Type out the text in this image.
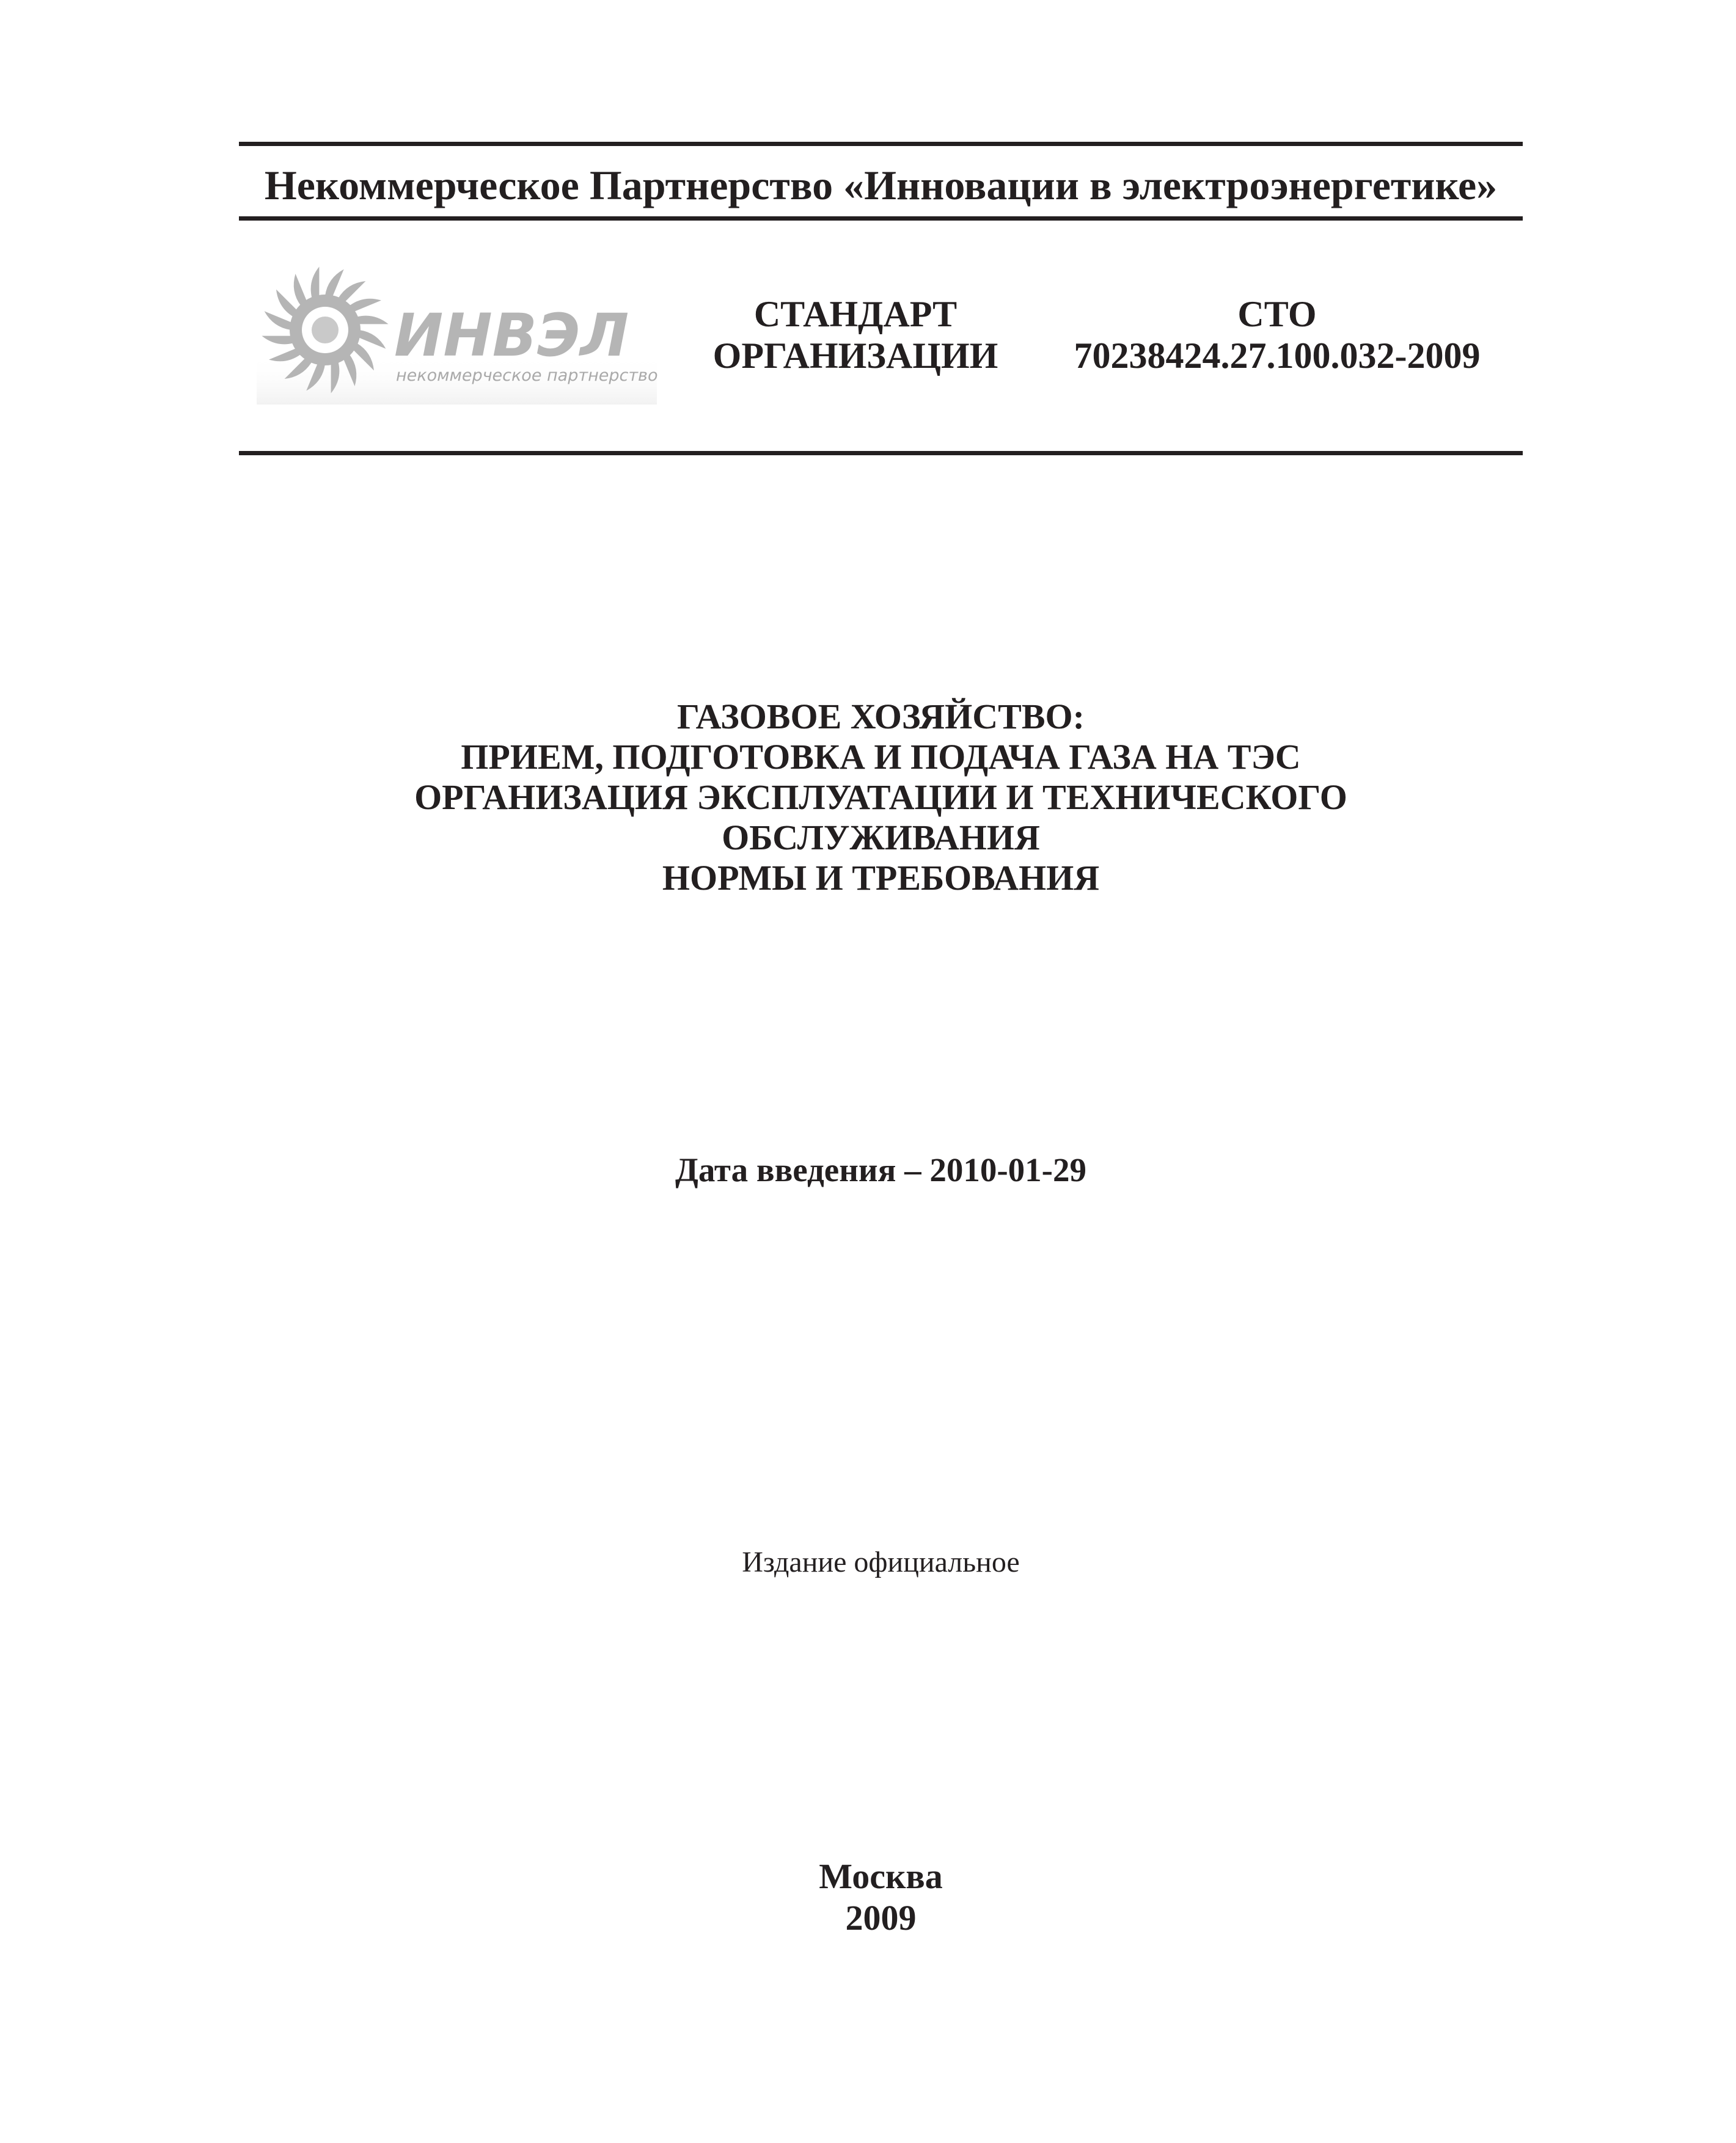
Некоммерческое Партнерство «Инновации в электроэнергетике»
ИНВЭЛ
некоммерческое партнерство
СТАНДАРТ
ОРГАНИЗАЦИИ
СТО
70238424.27.100.032-2009
ГАЗОВОЕ ХОЗЯЙСТВО:
ПРИЕМ, ПОДГОТОВКА И ПОДАЧА ГАЗА НА ТЭС
ОРГАНИЗАЦИЯ ЭКСПЛУАТАЦИИ И ТЕХНИЧЕСКОГО
ОБСЛУЖИВАНИЯ
НОРМЫ И ТРЕБОВАНИЯ
Дата введения – 2010-01-29
Издание официальное
Москва
2009
